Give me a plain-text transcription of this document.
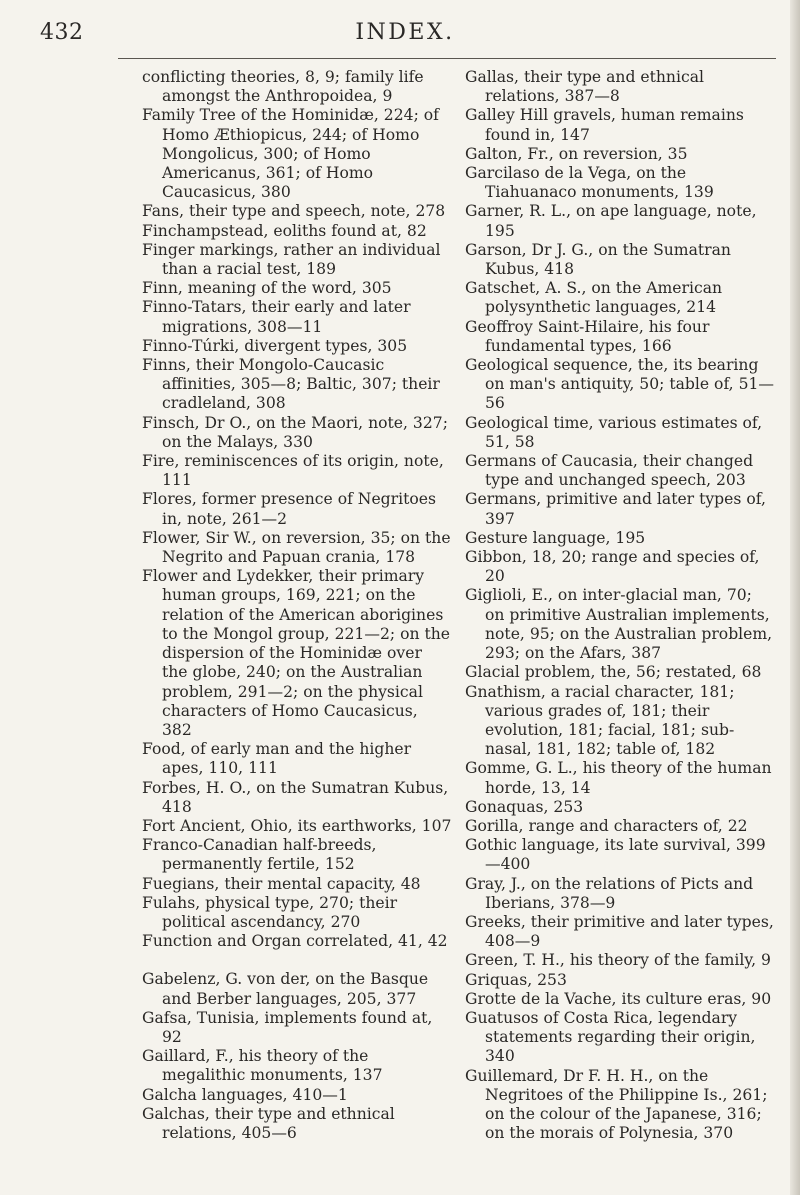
432	INDEX.

conflicting theories, 8, 9; family life amongst the Anthropoidea, 9

Family Tree of the Hominidæ, 224; of Homo Æthiopicus, 244; of Homo Mongolicus, 300; of Homo Americanus, 361; of Homo Caucasicus, 380

Fans, their type and speech, note, 278

Finchampstead, eoliths found at, 82

Finger markings, rather an individual than a racial test, 189

Finn, meaning of the word, 305

Finno-Tatars, their early and later migrations, 308—11

Finno-Túrki, divergent types, 305

Finns, their Mongolo-Caucasic affinities, 305—8; Baltic, 307; their cradleland, 308

Finsch, Dr O., on the Maori, note, 327; on the Malays, 330

Fire, reminiscences of its origin, note, 111

Flores, former presence of Negritoes in, note, 261—2

Flower, Sir W., on reversion, 35; on the Negrito and Papuan crania, 178

Flower and Lydekker, their primary human groups, 169, 221; on the relation of the American aborigines to the Mongol group, 221—2; on the dispersion of the Hominidæ over the globe, 240; on the Australian problem, 291—2; on the physical characters of Homo Caucasicus, 382

Food, of early man and the higher apes, 110, 111

Forbes, H. O., on the Sumatran Kubus, 418

Fort Ancient, Ohio, its earthworks, 107

Franco-Canadian half-breeds, permanently fertile, 152

Fuegians, their mental capacity, 48

Fulahs, physical type, 270; their political ascendancy, 270

Function and Organ correlated, 41, 42

Gabelenz, G. von der, on the Basque and Berber languages, 205, 377

Gafsa, Tunisia, implements found at, 92

Gaillard, F., his theory of the megalithic monuments, 137

Galcha languages, 410—1

Galchas, their type and ethnical relations, 405—6

Gallas, their type and ethnical relations, 387—8

Galley Hill gravels, human remains found in, 147

Galton, Fr., on reversion, 35

Garcilaso de la Vega, on the Tiahuanaco monuments, 139

Garner, R. L., on ape language, note, 195

Garson, Dr J. G., on the Sumatran Kubus, 418

Gatschet, A. S., on the American polysynthetic languages, 214

Geoffroy Saint-Hilaire, his four fundamental types, 166

Geological sequence, the, its bearing on man's antiquity, 50; table of, 51—56

Geological time, various estimates of, 51, 58

Germans of Caucasia, their changed type and unchanged speech, 203

Germans, primitive and later types of, 397

Gesture language, 195

Gibbon, 18, 20; range and species of, 20

Giglioli, E., on inter-glacial man, 70; on primitive Australian implements, note, 95; on the Australian problem, 293; on the Afars, 387

Glacial problem, the, 56; restated, 68

Gnathism, a racial character, 181; various grades of, 181; their evolution, 181; facial, 181; sub-nasal, 181, 182; table of, 182

Gomme, G. L., his theory of the human horde, 13, 14

Gonaquas, 253

Gorilla, range and characters of, 22

Gothic language, its late survival, 399—400

Gray, J., on the relations of Picts and Iberians, 378—9

Greeks, their primitive and later types, 408—9

Green, T. H., his theory of the family, 9

Griquas, 253

Grotte de la Vache, its culture eras, 90

Guatusos of Costa Rica, legendary statements regarding their origin, 340

Guillemard, Dr F. H. H., on the Negritoes of the Philippine Is., 261; on the colour of the Japanese, 316; on the morais of Polynesia, 370
